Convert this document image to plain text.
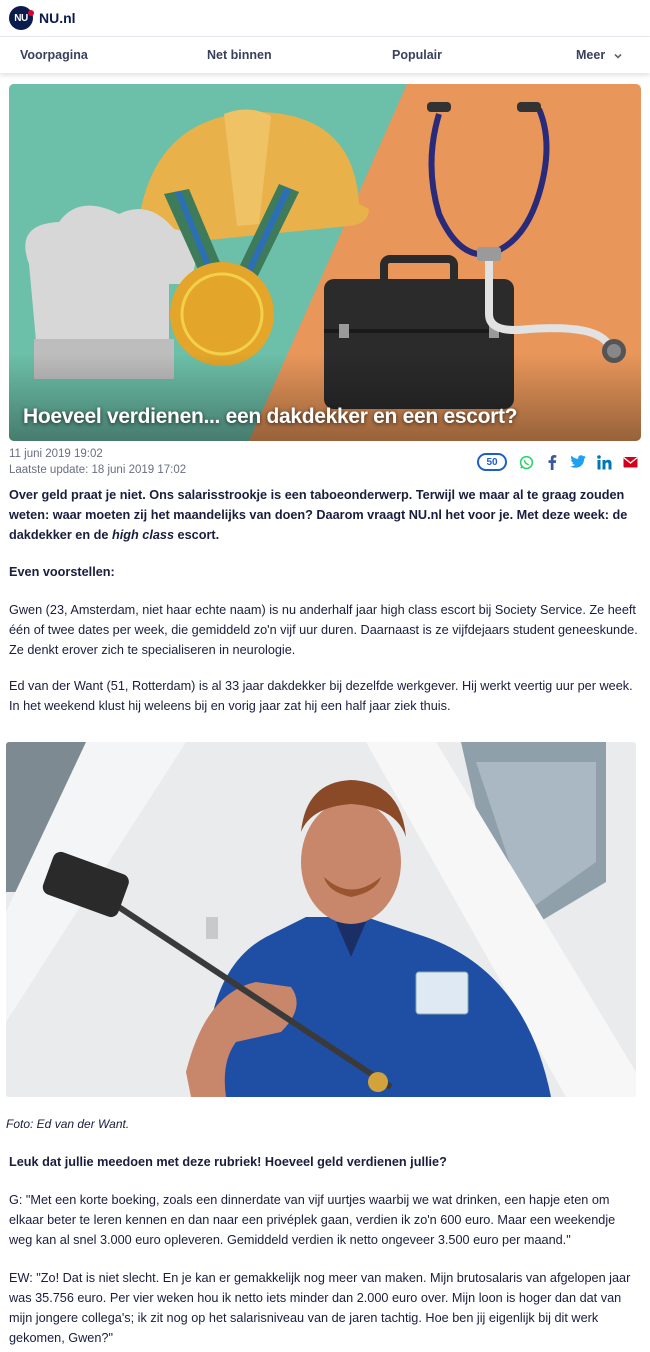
NU NU.nl
Voorpagina	Net binnen	Populair	Meer
Hoeveel verdienen... een dakdekker en een escort?
11 juni 2019 19:02
Laatste update: 18 juni 2019 17:02
50
Over geld praat je niet. Ons salarisstrookje is een taboeonderwerp. Terwijl we maar al te graag zouden weten: waar moeten zij het maandelijks van doen? Daarom vraagt NU.nl het voor je. Met deze week: de dakdekker en de high class escort.
Even voorstellen:
Gwen (23, Amsterdam, niet haar echte naam) is nu anderhalf jaar high class escort bij Society Service. Ze heeft één of twee dates per week, die gemiddeld zo'n vijf uur duren. Daarnaast is ze vijfdejaars student geneeskunde. Ze denkt erover zich te specialiseren in neurologie.
Ed van der Want (51, Rotterdam) is al 33 jaar dakdekker bij dezelfde werkgever. Hij werkt veertig uur per week. In het weekend klust hij weleens bij en vorig jaar zat hij een half jaar ziek thuis.
Foto: Ed van der Want.
Leuk dat jullie meedoen met deze rubriek! Hoeveel geld verdienen jullie?
G: "Met een korte boeking, zoals een dinnerdate van vijf uurtjes waarbij we wat drinken, een hapje eten om elkaar beter te leren kennen en dan naar een privéplek gaan, verdien ik zo'n 600 euro. Maar een weekendje weg kan al snel 3.000 euro opleveren. Gemiddeld verdien ik netto ongeveer 3.500 euro per maand."
EW: "Zo! Dat is niet slecht. En je kan er gemakkelijk nog meer van maken. Mijn brutosalaris van afgelopen jaar was 35.756 euro. Per vier weken hou ik netto iets minder dan 2.000 euro over. Mijn loon is hoger dan dat van mijn jongere collega's; ik zit nog op het salarisniveau van de jaren tachtig. Hoe ben jij eigenlijk bij dit werk gekomen, Gwen?"
